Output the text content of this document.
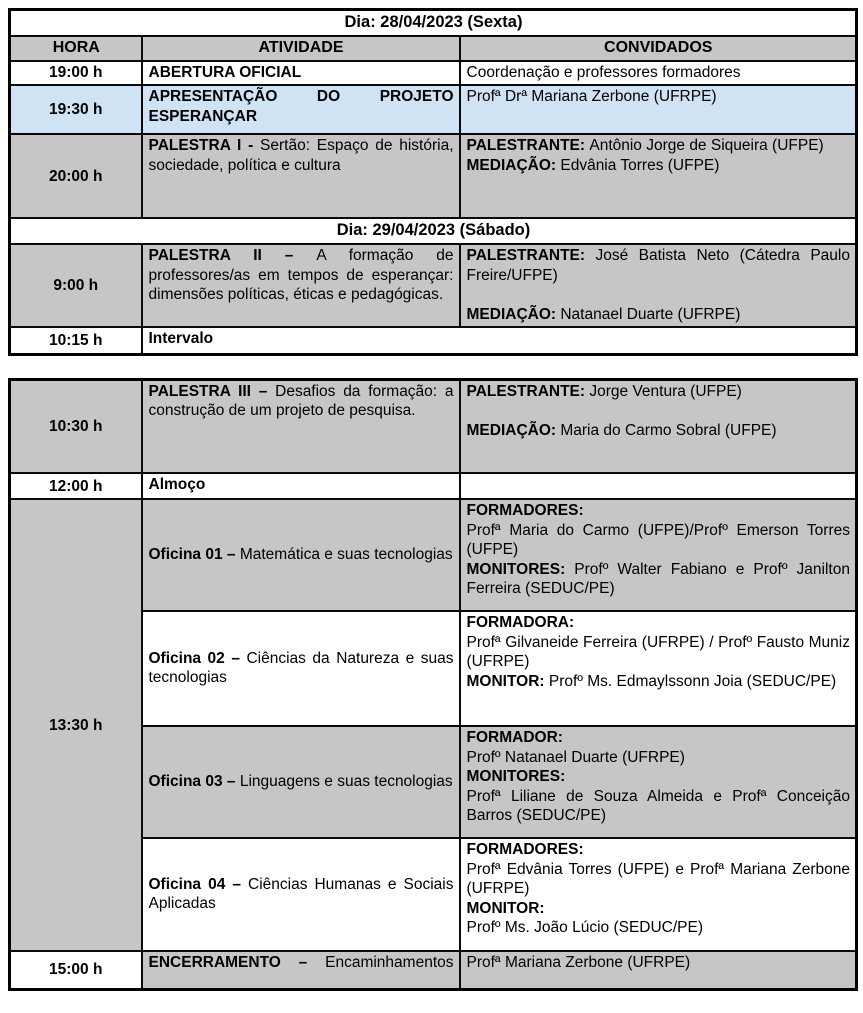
Dia: 28/04/2023 (Sexta)		

HORA	ATIVIDADE	CONVIDADOS

19:00 h	ABERTURA OFICIAL	Coordenação e professores formadores

19:30 h	APRESENTAÇÃO DO PROJETO ESPERANÇAR	Profª Drª Mariana Zerbone (UFRPE)

20:00 h	PALESTRA I - Sertão: Espaço de história, sociedade, política e cultura	PALESTRANTE: Antônio Jorge de Siqueira (UFPE)
MEDIAÇÃO: Edvânia Torres (UFPE)

Dia: 29/04/2023 (Sábado)		

9:00 h	PALESTRA II – A formação de professores/as em tempos de esperançar: dimensões políticas, éticas e pedagógicas.	PALESTRANTE: José Batista Neto (Cátedra Paulo Freire/UFPE)

MEDIAÇÃO: Natanael Duarte (UFRPE)

10:15 h	Intervalo	
10:30 h	PALESTRA III – Desafios da formação: a construção de um projeto de pesquisa.	PALESTRANTE: Jorge Ventura (UFPE)

MEDIAÇÃO: Maria do Carmo Sobral (UFPE)

12:00 h	Almoço	

13:30 h	Oficina 01 – Matemática e suas tecnologias	FORMADORES:
Profª Maria do Carmo (UFPE)/Profº Emerson Torres (UFPE)
MONITORES: Profº Walter Fabiano e Profº Janilton Ferreira (SEDUC/PE)

	Oficina 02 – Ciências da Natureza e suas tecnologias	FORMADORA:
Profª Gilvaneide Ferreira (UFRPE) / Profº Fausto Muniz (UFRPE)
MONITOR: Profº Ms. Edmaylssonn Joia (SEDUC/PE)

	Oficina 03 – Linguagens e suas tecnologias	FORMADOR:
Profº Natanael Duarte (UFRPE)
MONITORES:
Profª Liliane de Souza Almeida e Profª Conceição Barros (SEDUC/PE)

	Oficina 04 – Ciências Humanas e Sociais Aplicadas	FORMADORES:
Profª Edvânia Torres (UFPE) e Profª Mariana Zerbone (UFRPE)
MONITOR:
Profº Ms. João Lúcio (SEDUC/PE)

15:00 h	ENCERRAMENTO – Encaminhamentos	Profª Mariana Zerbone (UFRPE)
